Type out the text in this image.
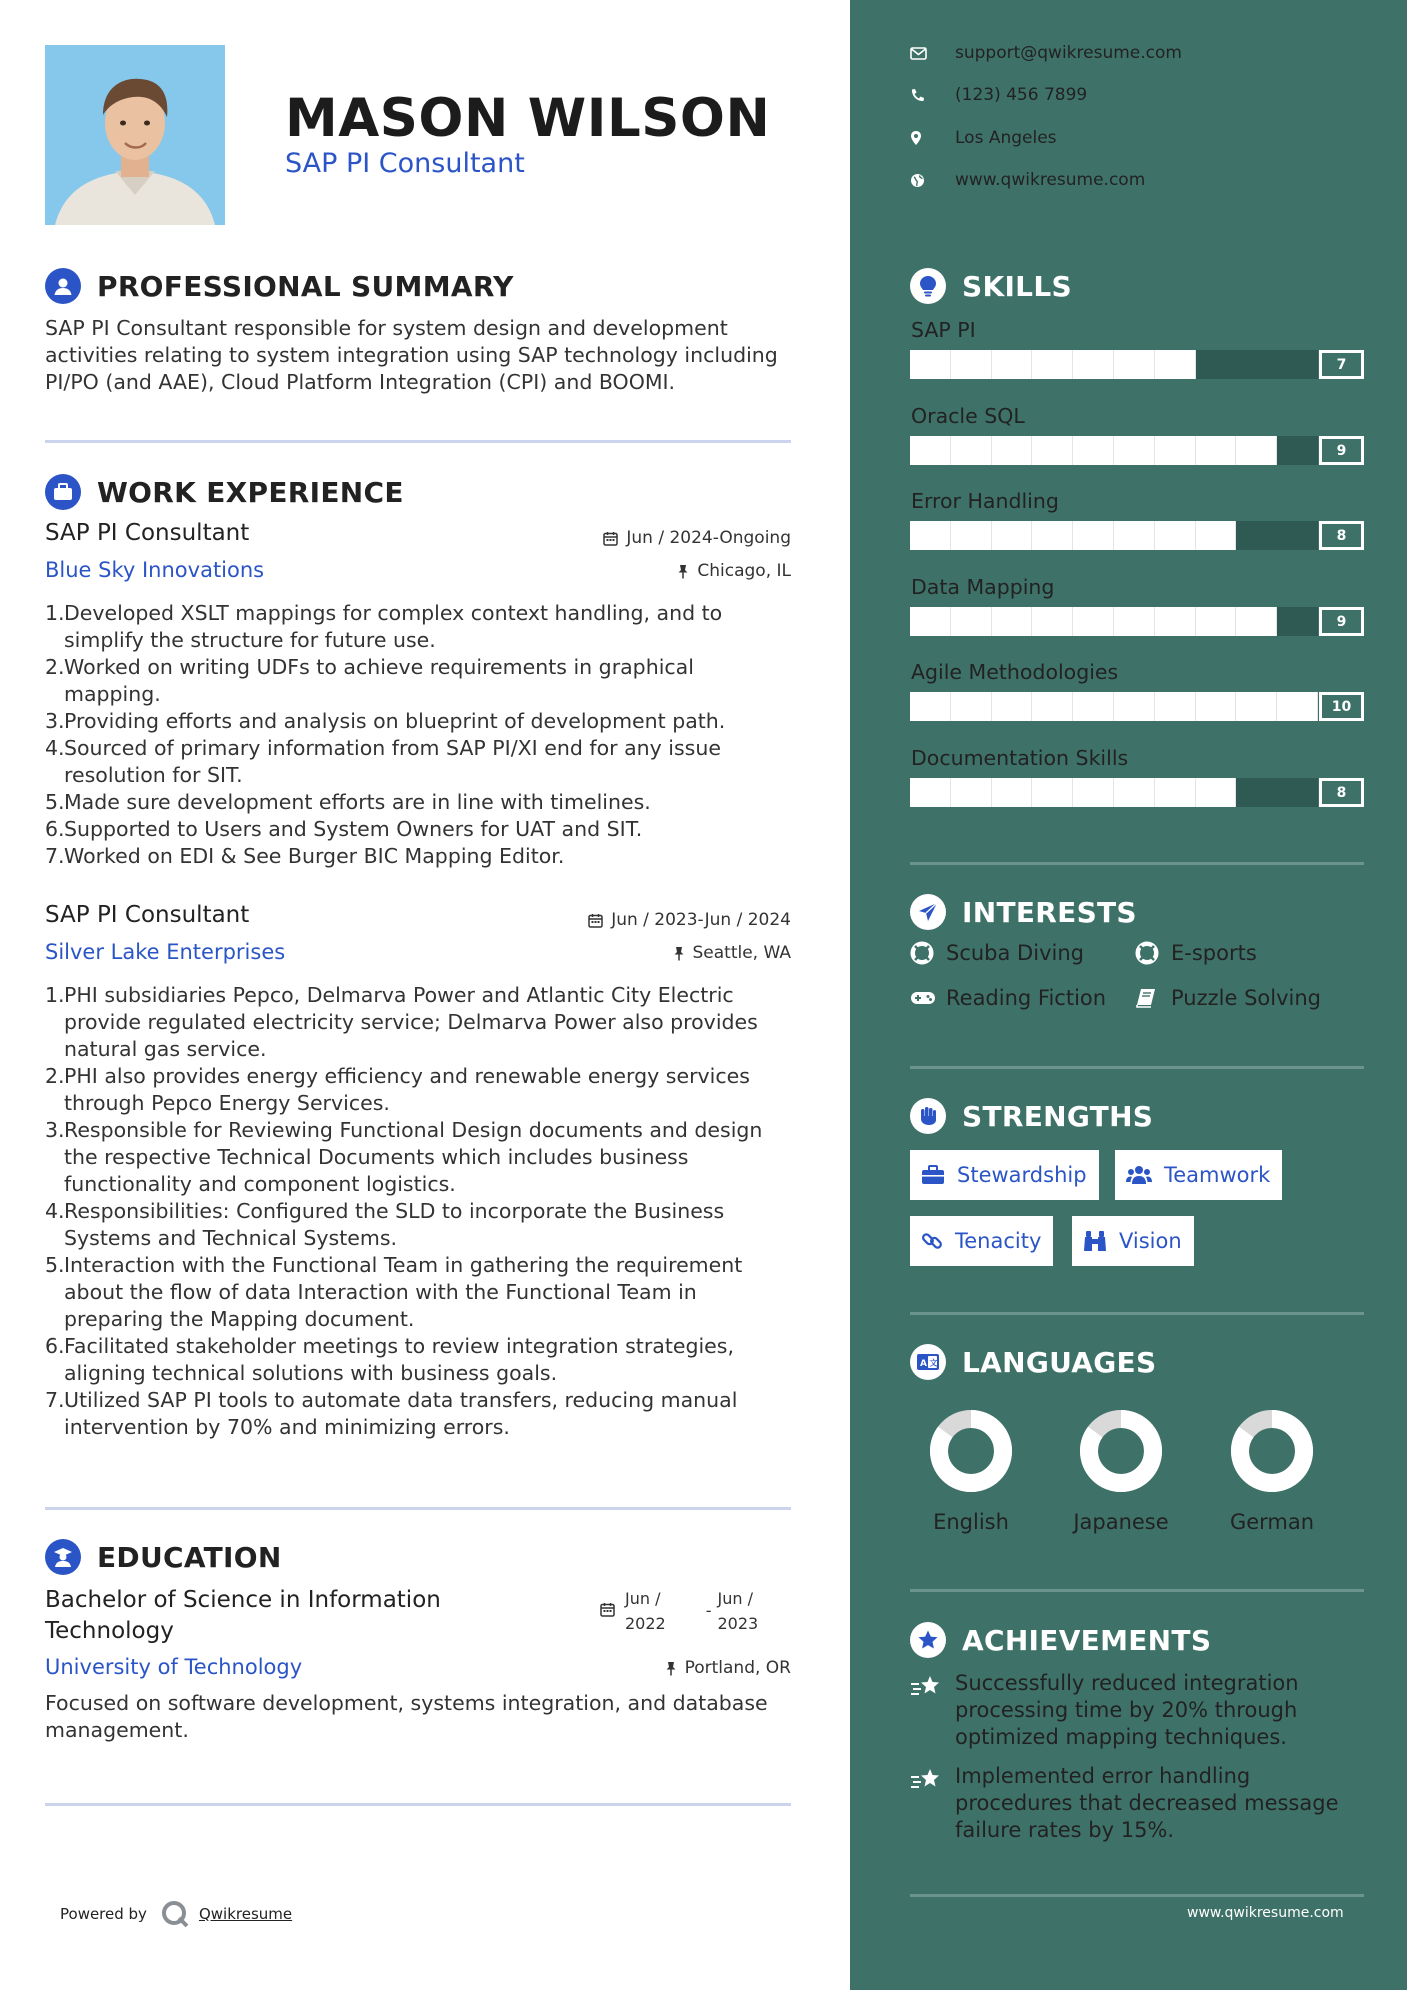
MASON WILSON
SAP PI Consultant
PROFESSIONAL SUMMARY
SAP PI Consultant responsible for system design and development activities relating to system integration using SAP technology including PI/PO (and AAE), Cloud Platform Integration (CPI) and BOOMI.
WORK EXPERIENCE
SAP PI Consultant
Blue Sky Innovations
Jun / 2024-Ongoing
Chicago, IL
1. Developed XSLT mappings for complex context handling, and to simplify the structure for future use.
2. Worked on writing UDFs to achieve requirements in graphical mapping.
3. Providing efforts and analysis on blueprint of development path.
4. Sourced of primary information from SAP PI/XI end for any issue resolution for SIT.
5. Made sure development efforts are in line with timelines.
6. Supported to Users and System Owners for UAT and SIT.
7. Worked on EDI & See Burger BIC Mapping Editor.
SAP PI Consultant
Silver Lake Enterprises
Jun / 2023-Jun / 2024
Seattle, WA
1. PHI subsidiaries Pepco, Delmarva Power and Atlantic City Electric provide regulated electricity service; Delmarva Power also provides natural gas service.
2. PHI also provides energy efficiency and renewable energy services through Pepco Energy Services.
3. Responsible for Reviewing Functional Design documents and design the respective Technical Documents which includes business functionality and component logistics.
4. Responsibilities: Configured the SLD to incorporate the Business Systems and Technical Systems.
5. Interaction with the Functional Team in gathering the requirement about the flow of data Interaction with the Functional Team in preparing the Mapping document.
6. Facilitated stakeholder meetings to review integration strategies, aligning technical solutions with business goals.
7. Utilized SAP PI tools to automate data transfers, reducing manual intervention by 70% and minimizing errors.
EDUCATION
Bachelor of Science in Information Technology
Jun /
2022
-
Jun /
2023
University of Technology	Portland, OR
Focused on software development, systems integration, and database management.
Powered by	Qwikresume
support@qwikresume.com
(123) 456 7899
Los Angeles
www.qwikresume.com
SKILLS
SAP PI
7
Oracle SQL
9
Error Handling
8
Data Mapping
9
Agile Methodologies
10
Documentation Skills
8
INTERESTS
Scuba Diving	E-sports
Reading Fiction	Puzzle Solving
STRENGTHS
Stewardship	Teamwork
Tenacity	Vision
A 文 LANGUAGES
English	Japanese	German
ACHIEVEMENTS
Successfully reduced integration processing time by 20% through optimized mapping techniques.
Implemented error handling procedures that decreased message failure rates by 15%.
www.qwikresume.com
